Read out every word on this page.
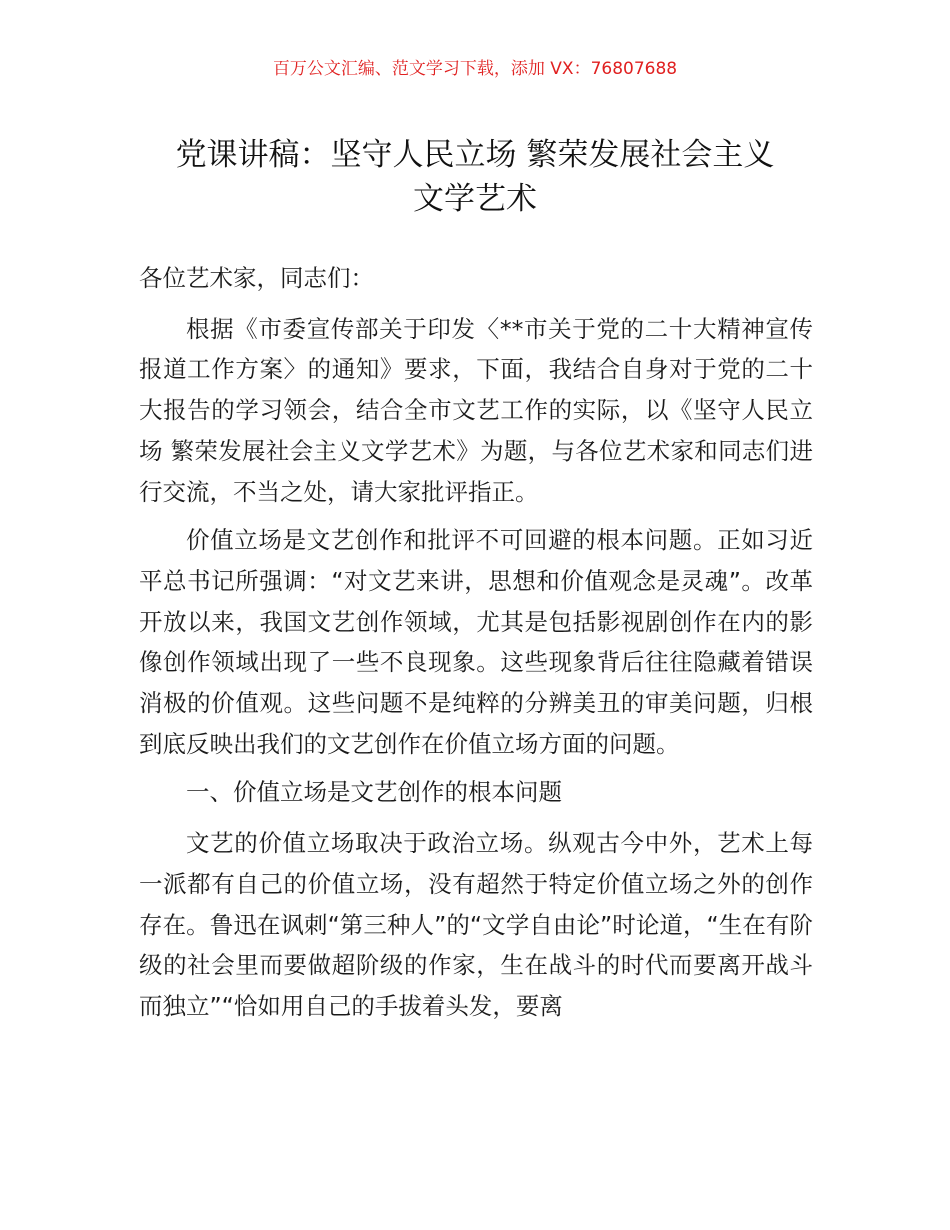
百万公文汇编、范文学习下载，添加 VX：76807688
党课讲稿：坚守人民立场 繁荣发展社会主义
文学艺术

各位艺术家，同志们：

根据《市委宣传部关于印发〈**市关于党的二十大精神宣传报道工作方案〉的通知》要求，下面，我结合自身对于党的二十大报告的学习领会，结合全市文艺工作的实际，以《坚守人民立场 繁荣发展社会主义文学艺术》为题，与各位艺术家和同志们进行交流，不当之处，请大家批评指正。

价值立场是文艺创作和批评不可回避的根本问题。正如习近平总书记所强调：“对文艺来讲，思想和价值观念是灵魂”。改革开放以来，我国文艺创作领域，尤其是包括影视剧创作在内的影像创作领域出现了一些不良现象。这些现象背后往往隐藏着错误消极的价值观。这些问题不是纯粹的分辨美丑的审美问题，归根到底反映出我们的文艺创作在价值立场方面的问题。

一、价值立场是文艺创作的根本问题

文艺的价值立场取决于政治立场。纵观古今中外，艺术上每一派都有自己的价值立场，没有超然于特定价值立场之外的创作存在。鲁迅在讽刺“第三种人”的“文学自由论”时论道，“生在有阶级的社会里而要做超阶级的作家，生在战斗的时代而要离开战斗而独立”“恰如用自己的手拔着头发，要离
